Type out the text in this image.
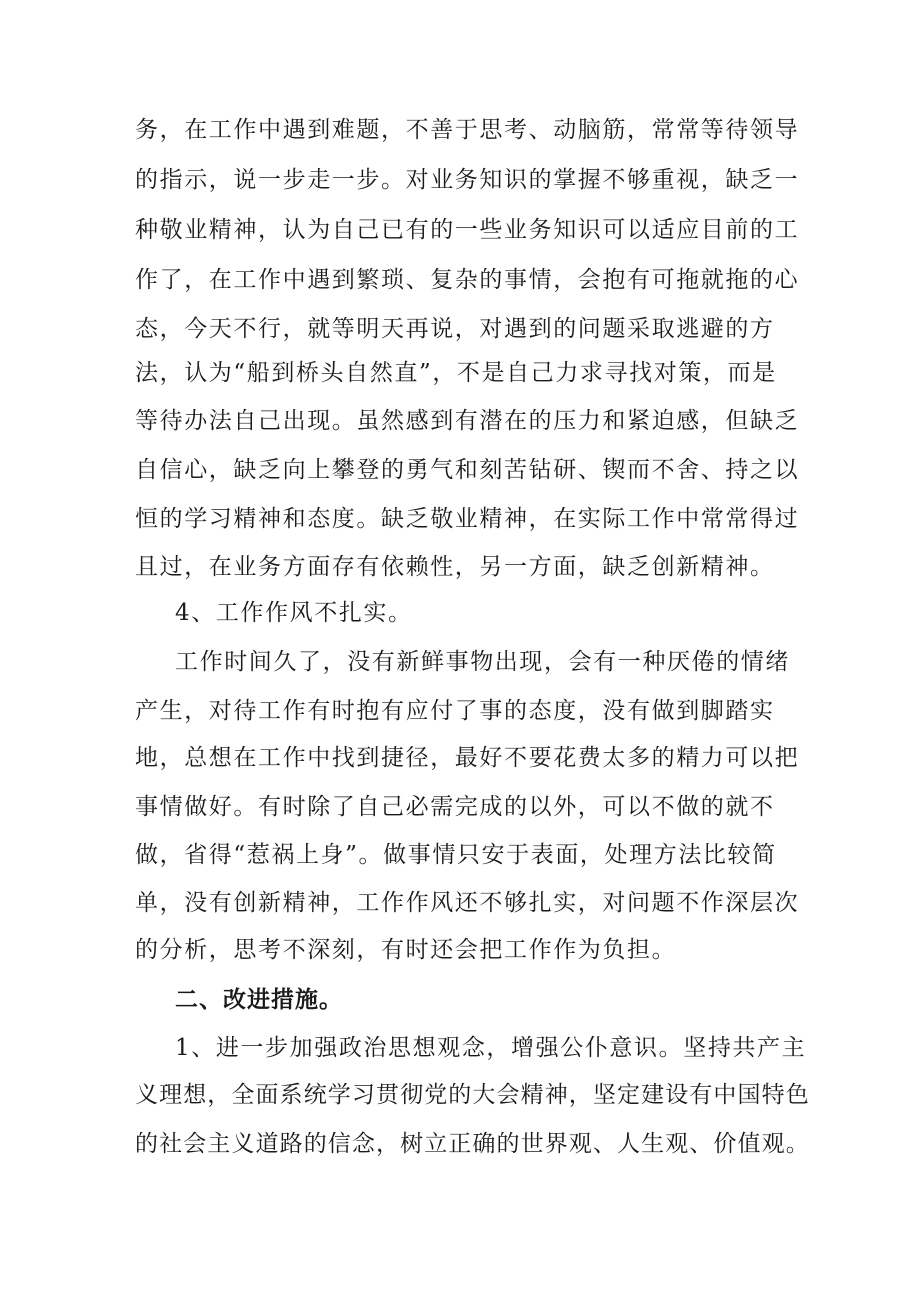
务，在工作中遇到难题，不善于思考、动脑筋，常常等待领导
的指示，说一步走一步。对业务知识的掌握不够重视，缺乏一
种敬业精神，认为自己已有的一些业务知识可以适应目前的工
作了，在工作中遇到繁琐、复杂的事情，会抱有可拖就拖的心
态，今天不行，就等明天再说，对遇到的问题采取逃避的方
法，认为“船到桥头自然直”，不是自己力求寻找对策，而是
等待办法自己出现。虽然感到有潜在的压力和紧迫感，但缺乏
自信心，缺乏向上攀登的勇气和刻苦钻研、锲而不舍、持之以
恒的学习精神和态度。缺乏敬业精神，在实际工作中常常得过
且过，在业务方面存有依赖性，另一方面，缺乏创新精神。
4、工作作风不扎实。
工作时间久了，没有新鲜事物出现，会有一种厌倦的情绪
产生，对待工作有时抱有应付了事的态度，没有做到脚踏实
地，总想在工作中找到捷径，最好不要花费太多的精力可以把
事情做好。有时除了自己必需完成的以外，可以不做的就不
做，省得“惹祸上身”。做事情只安于表面，处理方法比较简
单，没有创新精神，工作作风还不够扎实，对问题不作深层次
的分析，思考不深刻，有时还会把工作作为负担。
二、改进措施。
1、进一步加强政治思想观念，增强公仆意识。坚持共产主
义理想，全面系统学习贯彻党的大会精神，坚定建设有中国特色
的社会主义道路的信念，树立正确的世界观、人生观、价值观。
